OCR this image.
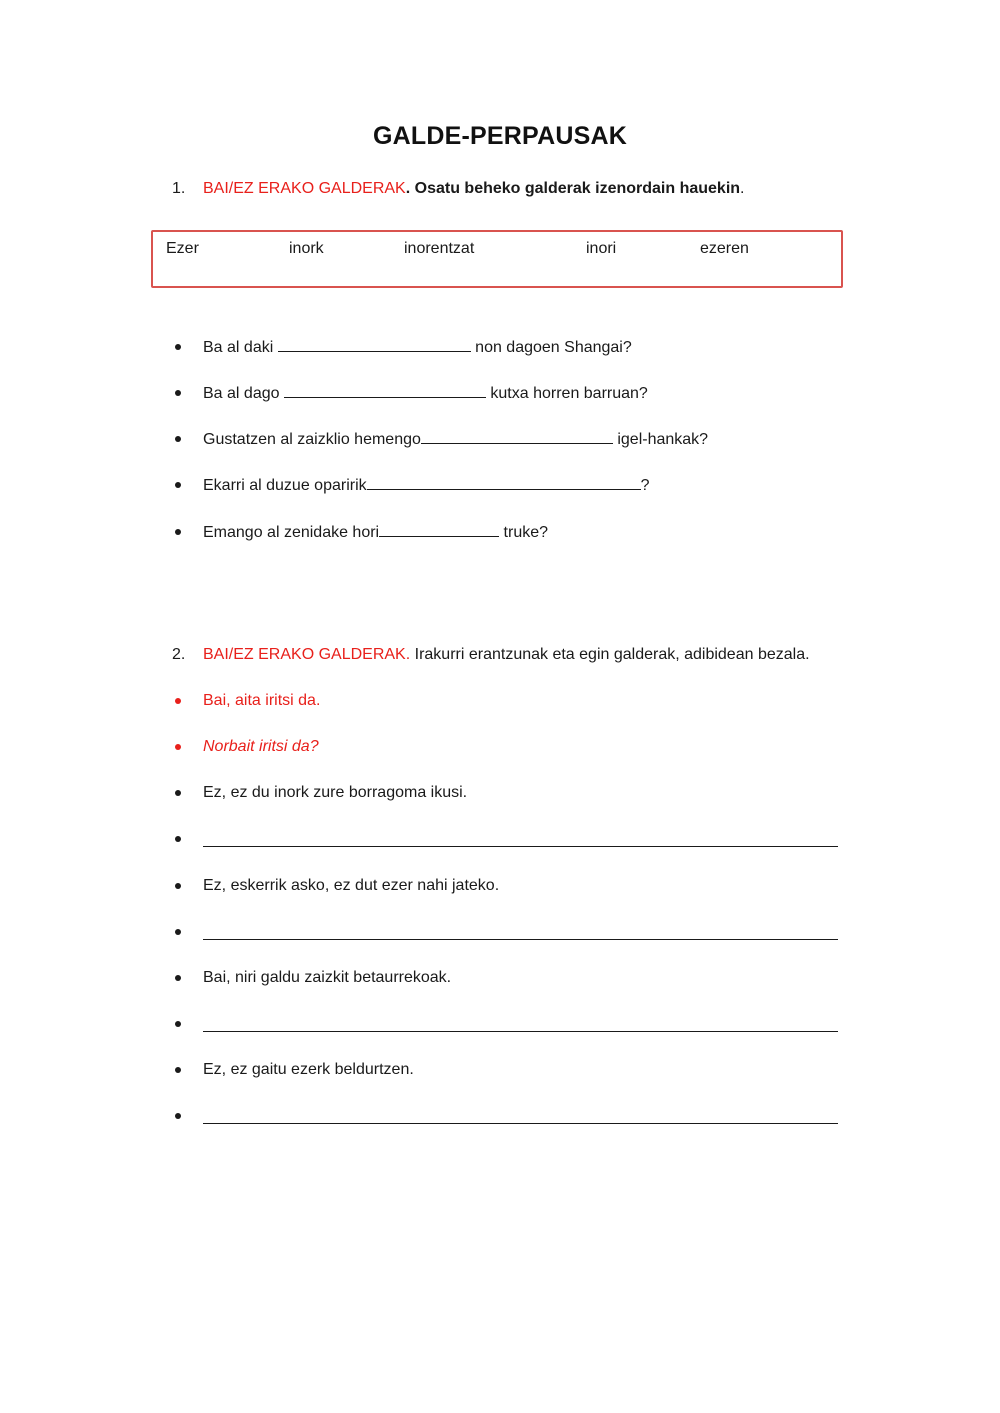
GALDE-PERPAUSAK
1. BAI/EZ ERAKO GALDERAK. Osatu beheko galderak izenordain hauekin.
Ezer	inork	inorentzat	inori	ezeren
Ba al daki	non dagoen Shangai?
Ba al dago	kutxa horren barruan?
Gustatzen al zaizklio hemengo	igel-hankak?
Ekarri al duzue oparirik	?
Emango al zenidake hori	truke?
2. BAI/EZ ERAKO GALDERAK. Irakurri erantzunak eta egin galderak, adibidean bezala.
Bai, aita iritsi da.
Norbait iritsi da?
Ez, ez du inork zure borragoma ikusi.
Ez, eskerrik asko, ez dut ezer nahi jateko.
Bai, niri galdu zaizkit betaurrekoak.
Ez, ez gaitu ezerk beldurtzen.
